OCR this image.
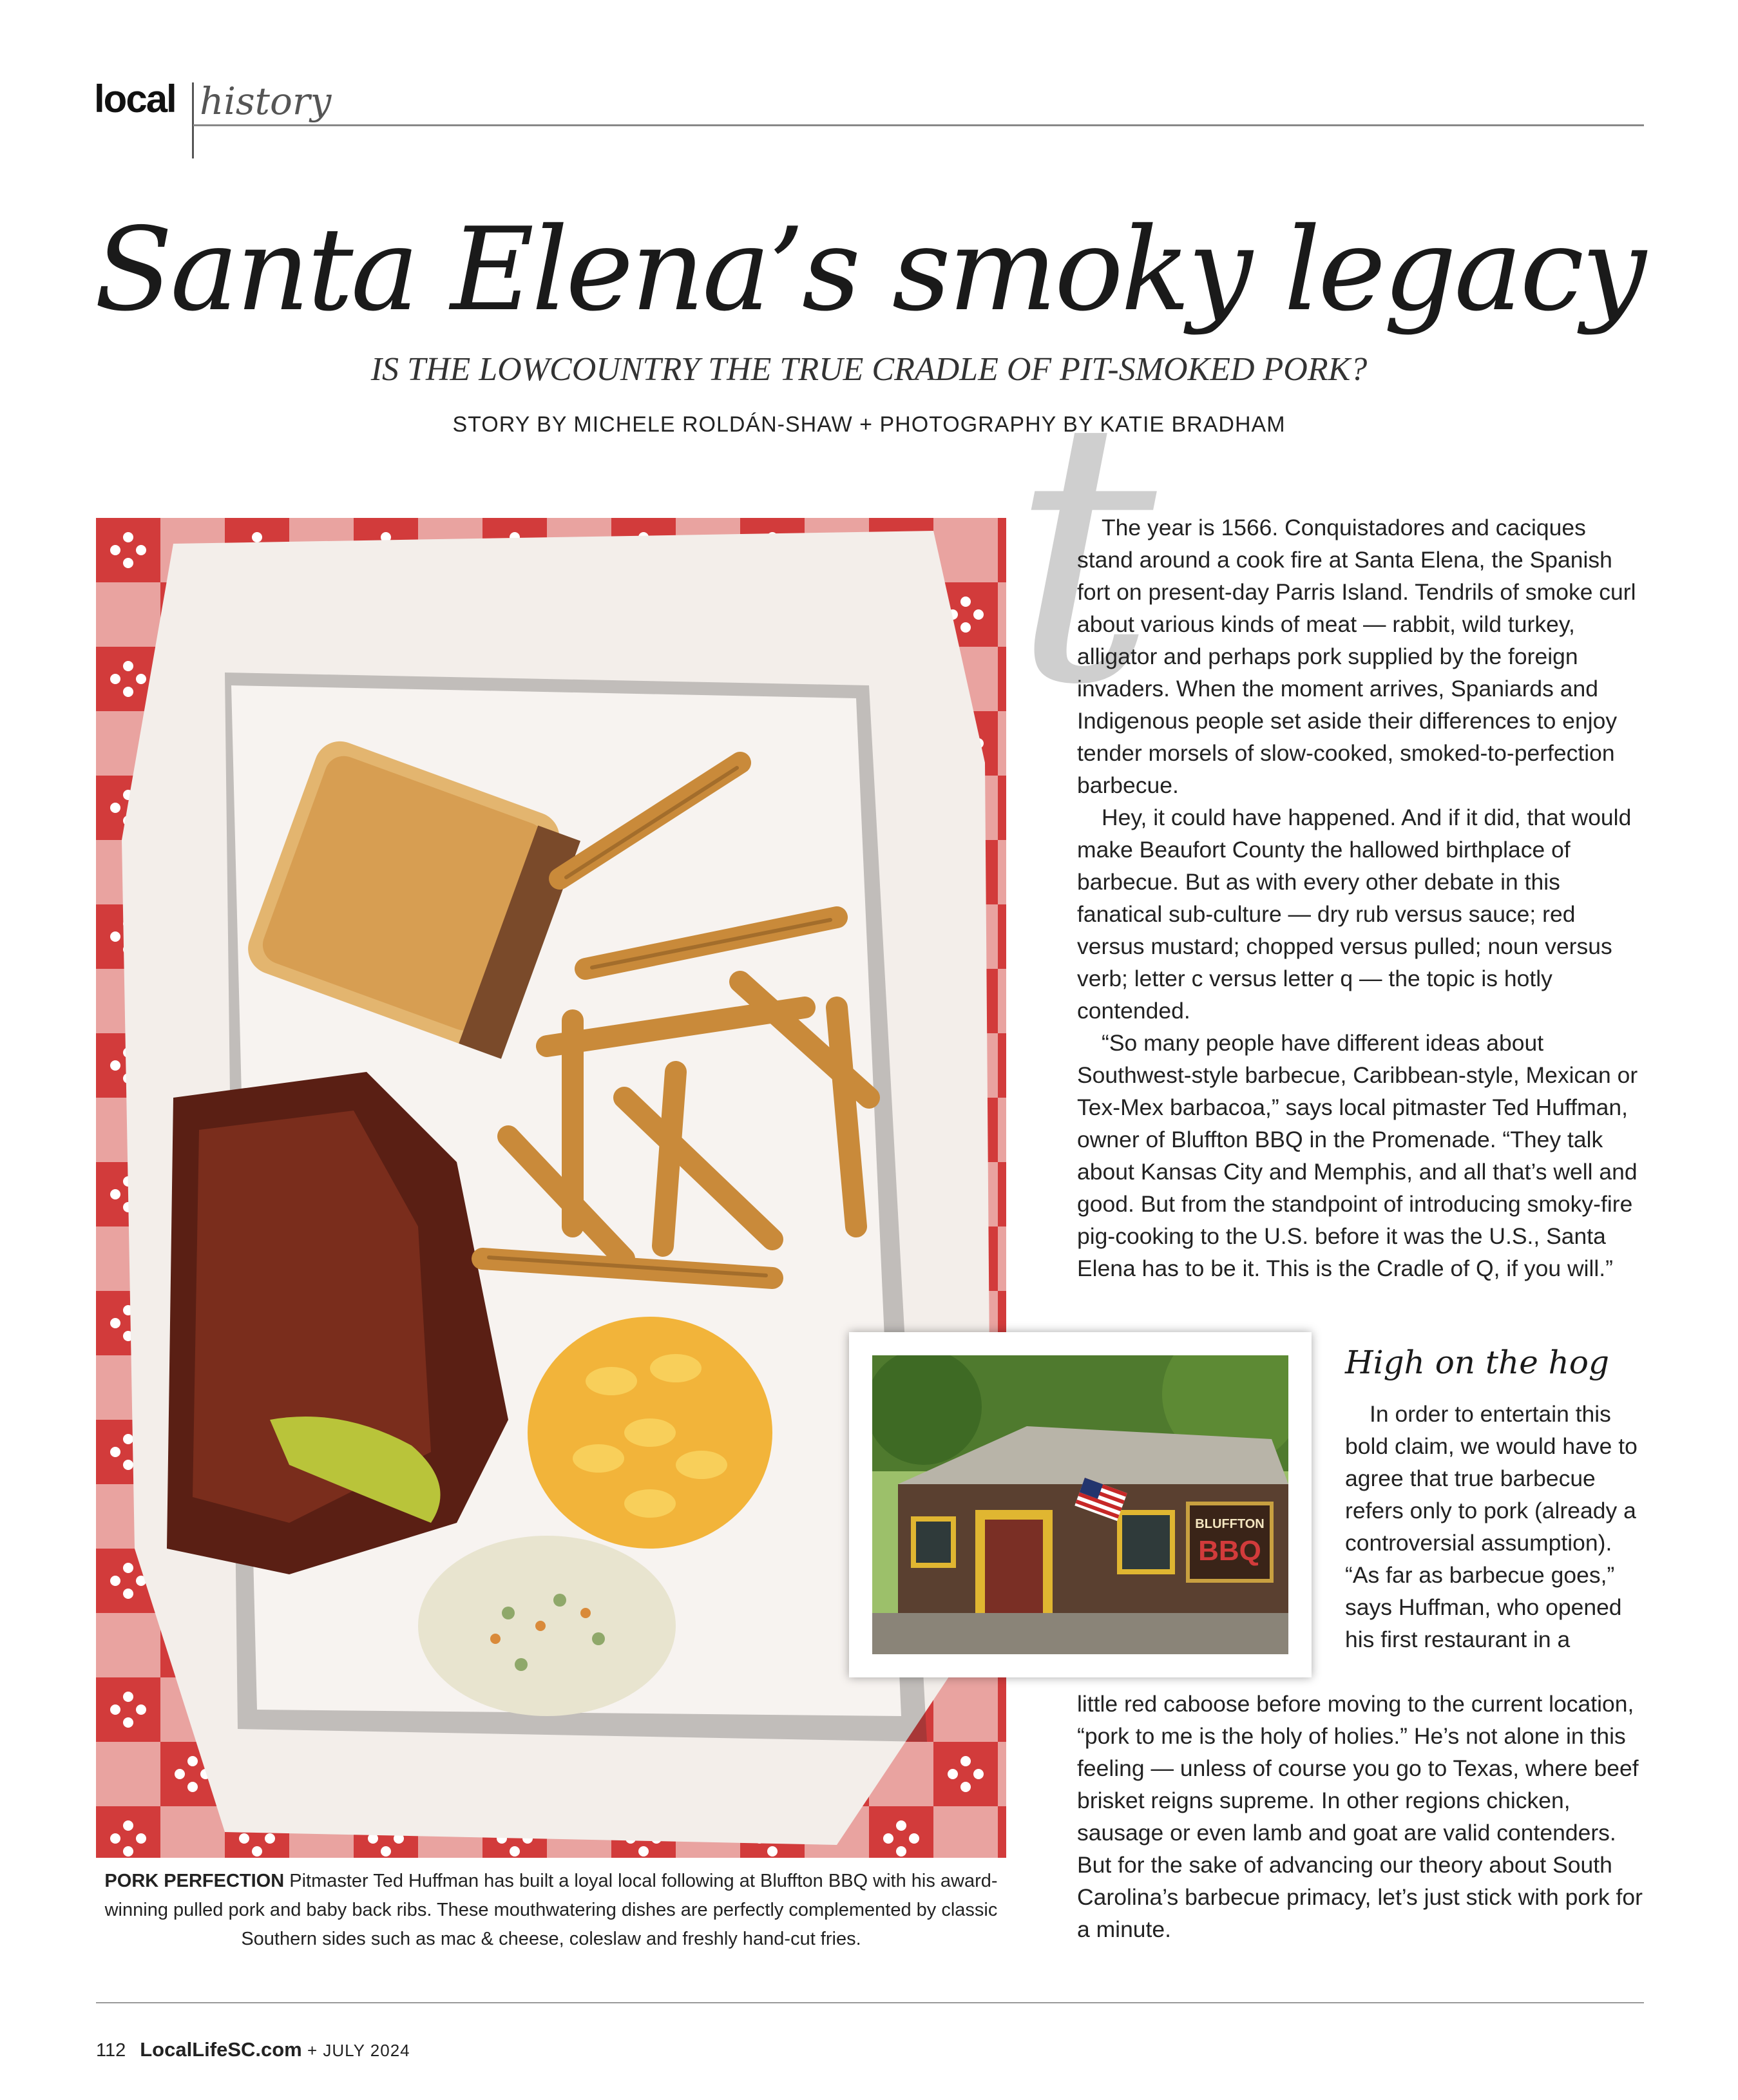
local history
Santa Elena’s smoky legacy
IS THE LOWCOUNTRY THE TRUE CRADLE OF PIT-SMOKED PORK?
STORY BY MICHELE ROLDÁN-SHAW + PHOTOGRAPHY BY KATIE BRADHAM
t
PORK PERFECTION Pitmaster Ted Huffman has built a loyal local following at Bluffton BBQ with his award-winning pulled pork and baby back ribs. These mouthwatering dishes are perfectly complemented by classic Southern sides such as mac & cheese, coleslaw and freshly hand-cut fries.

The year is 1566. Conquistadores and caciques stand around a cook fire at Santa Elena, the Spanish fort on present-day Parris Island. Tendrils of smoke curl about various kinds of meat — rabbit, wild turkey, alligator and perhaps pork supplied by the foreign invaders. When the moment arrives, Spaniards and Indigenous people set aside their differences to enjoy tender morsels of slow-cooked, smoked-to-perfection barbecue.

Hey, it could have happened. And if it did, that would make Beaufort County the hallowed birthplace of barbecue. But as with every other debate in this fanatical sub-culture — dry rub versus sauce; red versus mustard; chopped versus pulled; noun versus verb; letter c versus letter q — the topic is hotly contended.

“So many people have different ideas about Southwest-style barbecue, Caribbean-style, Mexican or Tex-Mex barbacoa,” says local pitmaster Ted Huffman, owner of Bluffton BBQ in the Promenade. “They talk about Kansas City and Memphis, and all that’s well and good. But from the standpoint of introducing smoky-fire pig-cooking to the U.S. before it was the U.S., Santa Elena has to be it. This is the Cradle of Q, if you will.”

High on the hog

In order to entertain this bold claim, we would have to agree that true barbecue refers only to pork (already a controversial assumption). “As far as barbecue goes,” says Huffman, who opened his first restaurant in a

little red caboose before moving to the current location, “pork to me is the holy of holies.” He’s not alone in this feeling — unless of course you go to Texas, where beef brisket reigns supreme. In other regions chicken, sausage or even lamb and goat are valid contenders. But for the sake of advancing our theory about South Carolina’s barbecue primacy, let’s just stick with pork for a minute.

BLUFFTON
BBQ
112 LocalLifeSC.com + JULY 2024
